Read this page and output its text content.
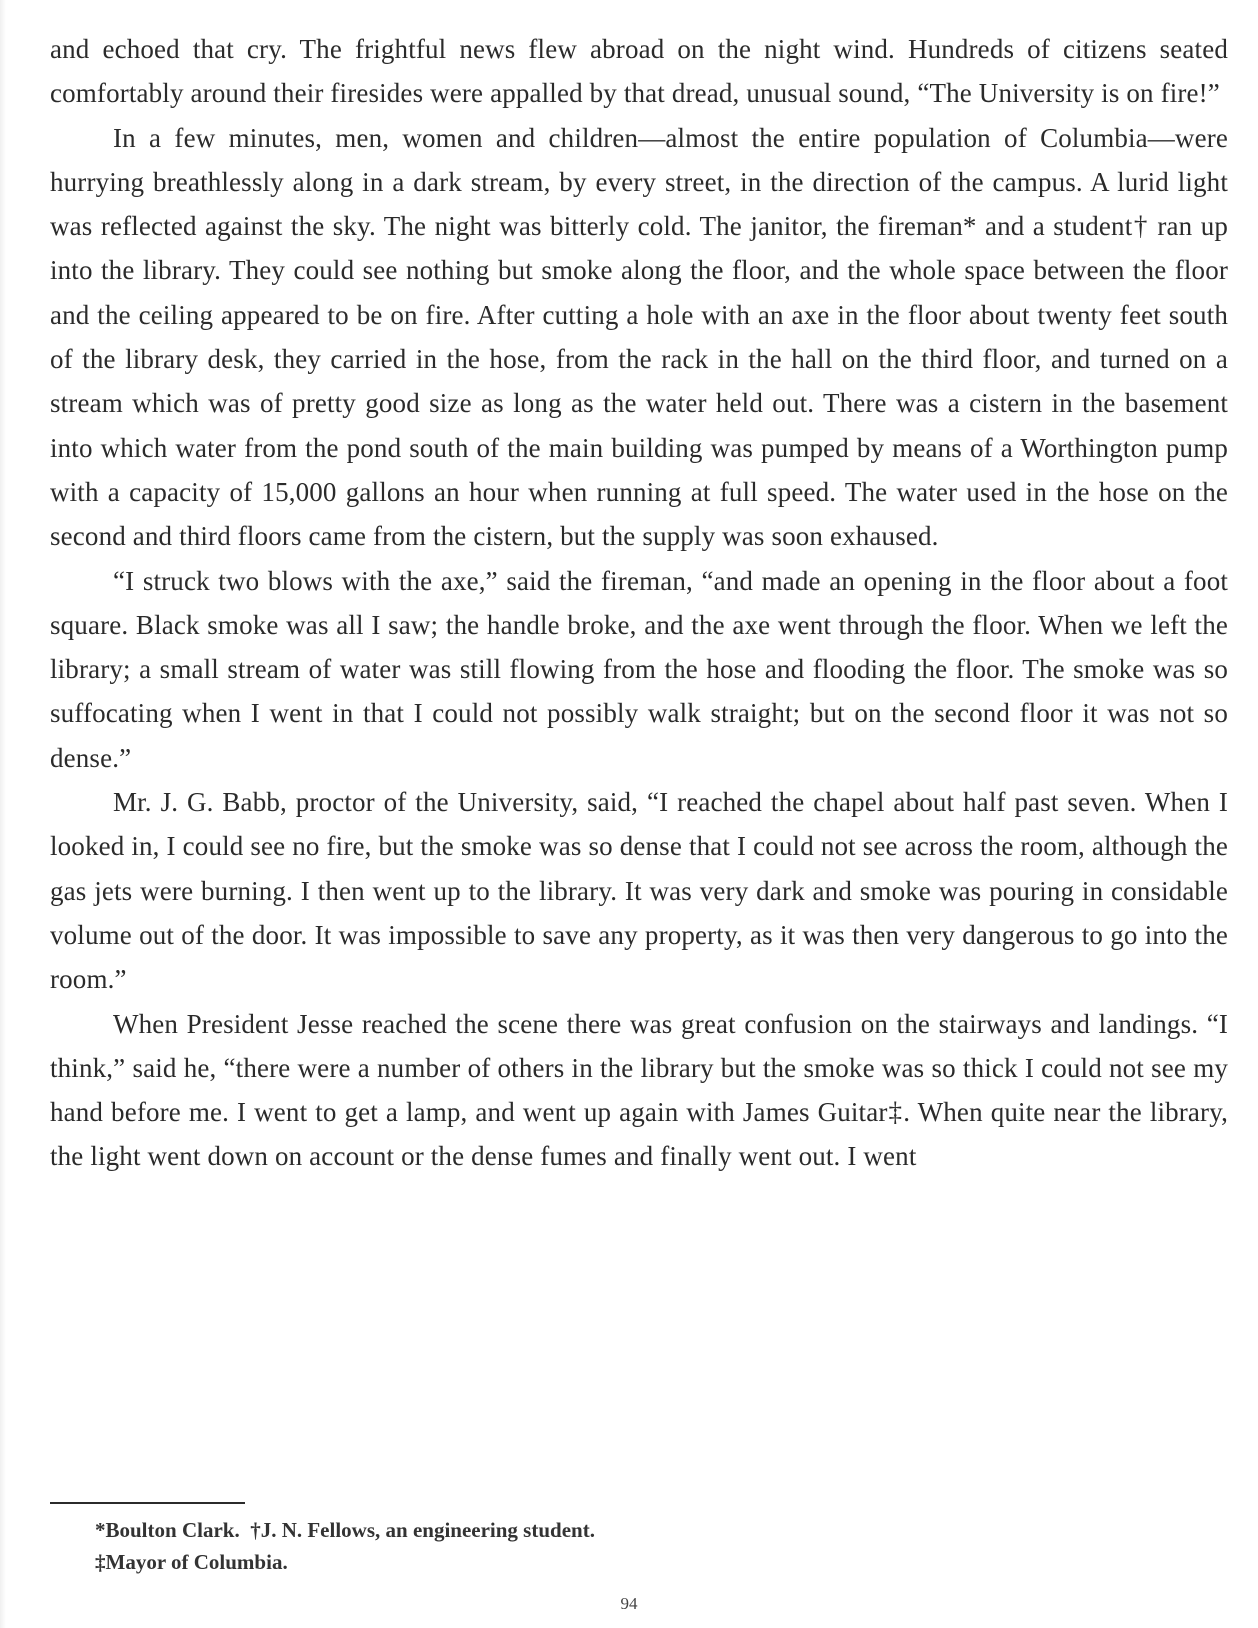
and echoed that cry. The frightful news flew abroad on the night wind. Hundreds of citizens seated comfortably around their firesides were appalled by that dread, unusual sound, “The University is on fire!”

In a few minutes, men, women and children—almost the entire population of Columbia—were hurrying breathlessly along in a dark stream, by every street, in the direction of the campus. A lurid light was reflected against the sky. The night was bitterly cold. The janitor, the fireman* and a student† ran up into the library. They could see nothing but smoke along the floor, and the whole space between the floor and the ceiling appeared to be on fire. After cutting a hole with an axe in the floor about twenty feet south of the library desk, they carried in the hose, from the rack in the hall on the third floor, and turned on a stream which was of pretty good size as long as the water held out. There was a cistern in the basement into which water from the pond south of the main building was pumped by means of a Worthington pump with a capacity of 15,000 gallons an hour when running at full speed. The water used in the hose on the second and third floors came from the cistern, but the supply was soon exhaused.

“I struck two blows with the axe,” said the fireman, “and made an opening in the floor about a foot square. Black smoke was all I saw; the handle broke, and the axe went through the floor. When we left the library; a small stream of water was still flowing from the hose and flooding the floor. The smoke was so suffocating when I went in that I could not possibly walk straight; but on the second floor it was not so dense.”

Mr. J. G. Babb, proctor of the University, said, “I reached the chapel about half past seven. When I looked in, I could see no fire, but the smoke was so dense that I could not see across the room, although the gas jets were burning. I then went up to the library. It was very dark and smoke was pouring in considable volume out of the door. It was impossible to save any property, as it was then very dangerous to go into the room.”

When President Jesse reached the scene there was great confusion on the stairways and landings. “I think,” said he, “there were a number of others in the library but the smoke was so thick I could not see my hand before me. I went to get a lamp, and went up again with James Guitar‡. When quite near the library, the light went down on account or the dense fumes and finally went out. I went

*Boulton Clark.  †J. N. Fellows, an engineering student.

‡Mayor of Columbia.

94
